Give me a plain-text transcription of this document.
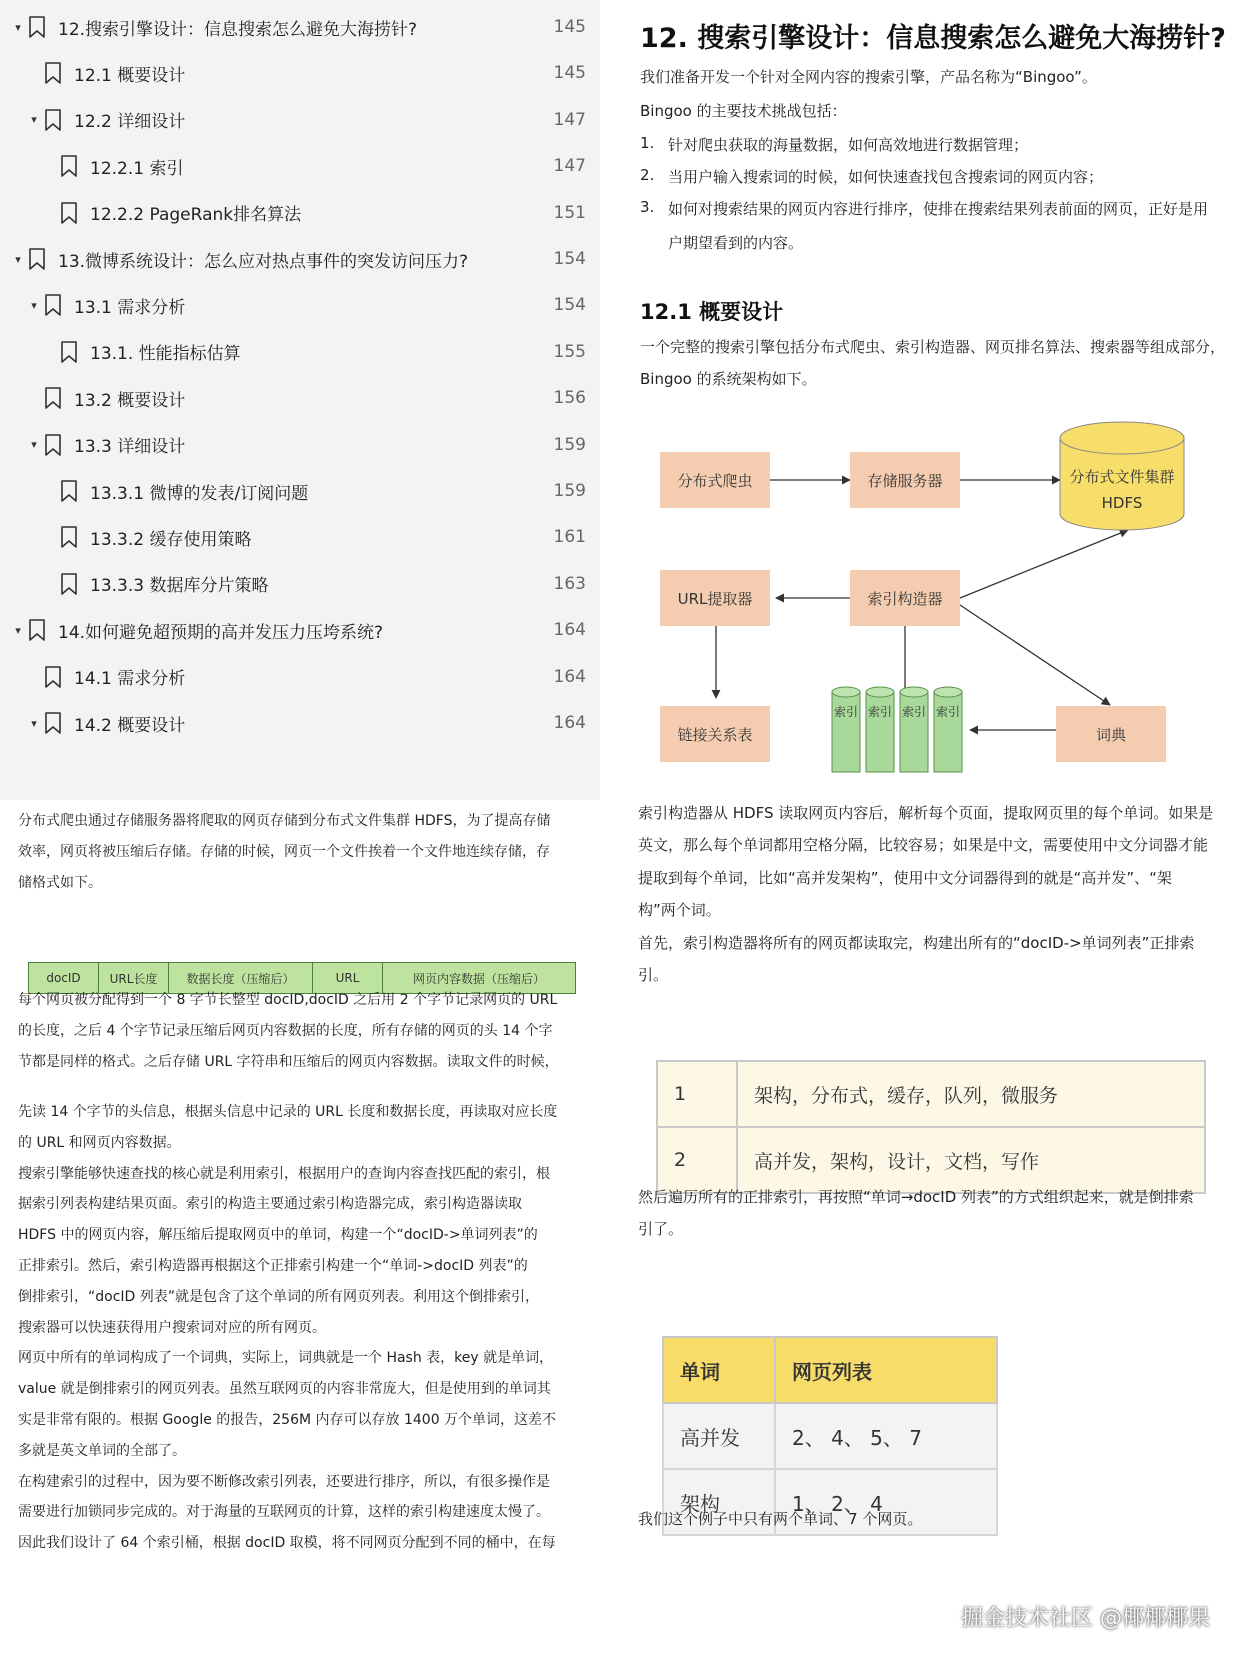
▾ 12.搜索引擎设计：信息搜索怎么避免大海捞针?	145
12.1 概要设计	145
▾ 12.2 详细设计	147
12.2.1 索引	147
12.2.2 PageRank排名算法	151
▾ 13.微博系统设计：怎么应对热点事件的突发访问压力?	154
▾ 13.1 需求分析	154
13.1. 性能指标估算	155
13.2 概要设计	156
▾ 13.3 详细设计	159
13.3.1 微博的发表/订阅问题	159
13.3.2 缓存使用策略	161
13.3.3 数据库分片策略	163
▾ 14.如何避免超预期的高并发压力压垮系统?	164
14.1 需求分析	164
▾ 14.2 概要设计	164
12. 搜索引擎设计：信息搜索怎么避免大海捞针?
我们准备开发一个针对全网内容的搜索引擎，产品名称为“Bingoo”。
Bingoo 的主要技术挑战包括：
1. 针对爬虫获取的海量数据，如何高效地进行数据管理；
2. 当用户输入搜索词的时候，如何快速查找包含搜索词的网页内容；
3. 如何对搜索结果的网页内容进行排序，使排在搜索结果列表前面的网页，正好是用
户期望看到的内容。
12.1 概要设计
一个完整的搜索引擎包括分布式爬虫、索引构造器、网页排名算法、搜索器等组成部分，
Bingoo 的系统架构如下。
分布式爬虫	存储服务器	分布式文件集群
HDFS
URL提取器	索引构造器
链接关系表	词典
索引 索引 索引 索引
分布式爬虫通过存储服务器将爬取的网页存储到分布式文件集群 HDFS，为了提高存储
效率，网页将被压缩后存储。存储的时候，网页一个文件挨着一个文件地连续存储，存
储格式如下。
docID	URL长度	数据长度（压缩后）	URL	网页内容数据（压缩后）
每个网页被分配得到一个 8 字节长整型 docID,docID 之后用 2 个字节记录网页的 URL
的长度，之后 4 个字节记录压缩后网页内容数据的长度，所有存储的网页的头 14 个字
节都是同样的格式。之后存储 URL 字符串和压缩后的网页内容数据。读取文件的时候，
先读 14 个字节的头信息，根据头信息中记录的 URL 长度和数据长度，再读取对应长度
的 URL 和网页内容数据。
搜索引擎能够快速查找的核心就是利用索引，根据用户的查询内容查找匹配的索引，根
据索引列表构建结果页面。索引的构造主要通过索引构造器完成，索引构造器读取
HDFS 中的网页内容，解压缩后提取网页中的单词，构建一个“docID->单词列表”的
正排索引。然后，索引构造器再根据这个正排索引构建一个“单词->docID 列表”的
倒排索引，“docID 列表”就是包含了这个单词的所有网页列表。利用这个倒排索引，
搜索器可以快速获得用户搜索词对应的所有网页。
网页中所有的单词构成了一个词典，实际上，词典就是一个 Hash 表，key 就是单词，
value 就是倒排索引的网页列表。虽然互联网页的内容非常庞大，但是使用到的单词其
实是非常有限的。根据 Google 的报告，256M 内存可以存放 1400 万个单词，这差不
多就是英文单词的全部了。
在构建索引的过程中，因为要不断修改索引列表，还要进行排序，所以，有很多操作是
需要进行加锁同步完成的。对于海量的互联网页的计算，这样的索引构建速度太慢了。
因此我们设计了 64 个索引桶，根据 docID 取模，将不同网页分配到不同的桶中，在每
索引构造器从 HDFS 读取网页内容后，解析每个页面，提取网页里的每个单词。如果是
英文，那么每个单词都用空格分隔，比较容易；如果是中文，需要使用中文分词器才能
提取到每个单词，比如“高并发架构”，使用中文分词器得到的就是“高并发”、“架
构”两个词。
首先，索引构造器将所有的网页都读取完，构建出所有的“docID->单词列表”正排索
引。
1	架构，分布式，缓存，队列，微服务
2	高并发，架构，设计，文档，写作
然后遍历所有的正排索引，再按照“单词→docID 列表”的方式组织起来，就是倒排索
引了。
单词	网页列表
高并发	2、 4、 5、 7
架构	1、 2、 4
我们这个例子中只有两个单词、7 个网页。
掘金技术社区 @椰椰椰果
